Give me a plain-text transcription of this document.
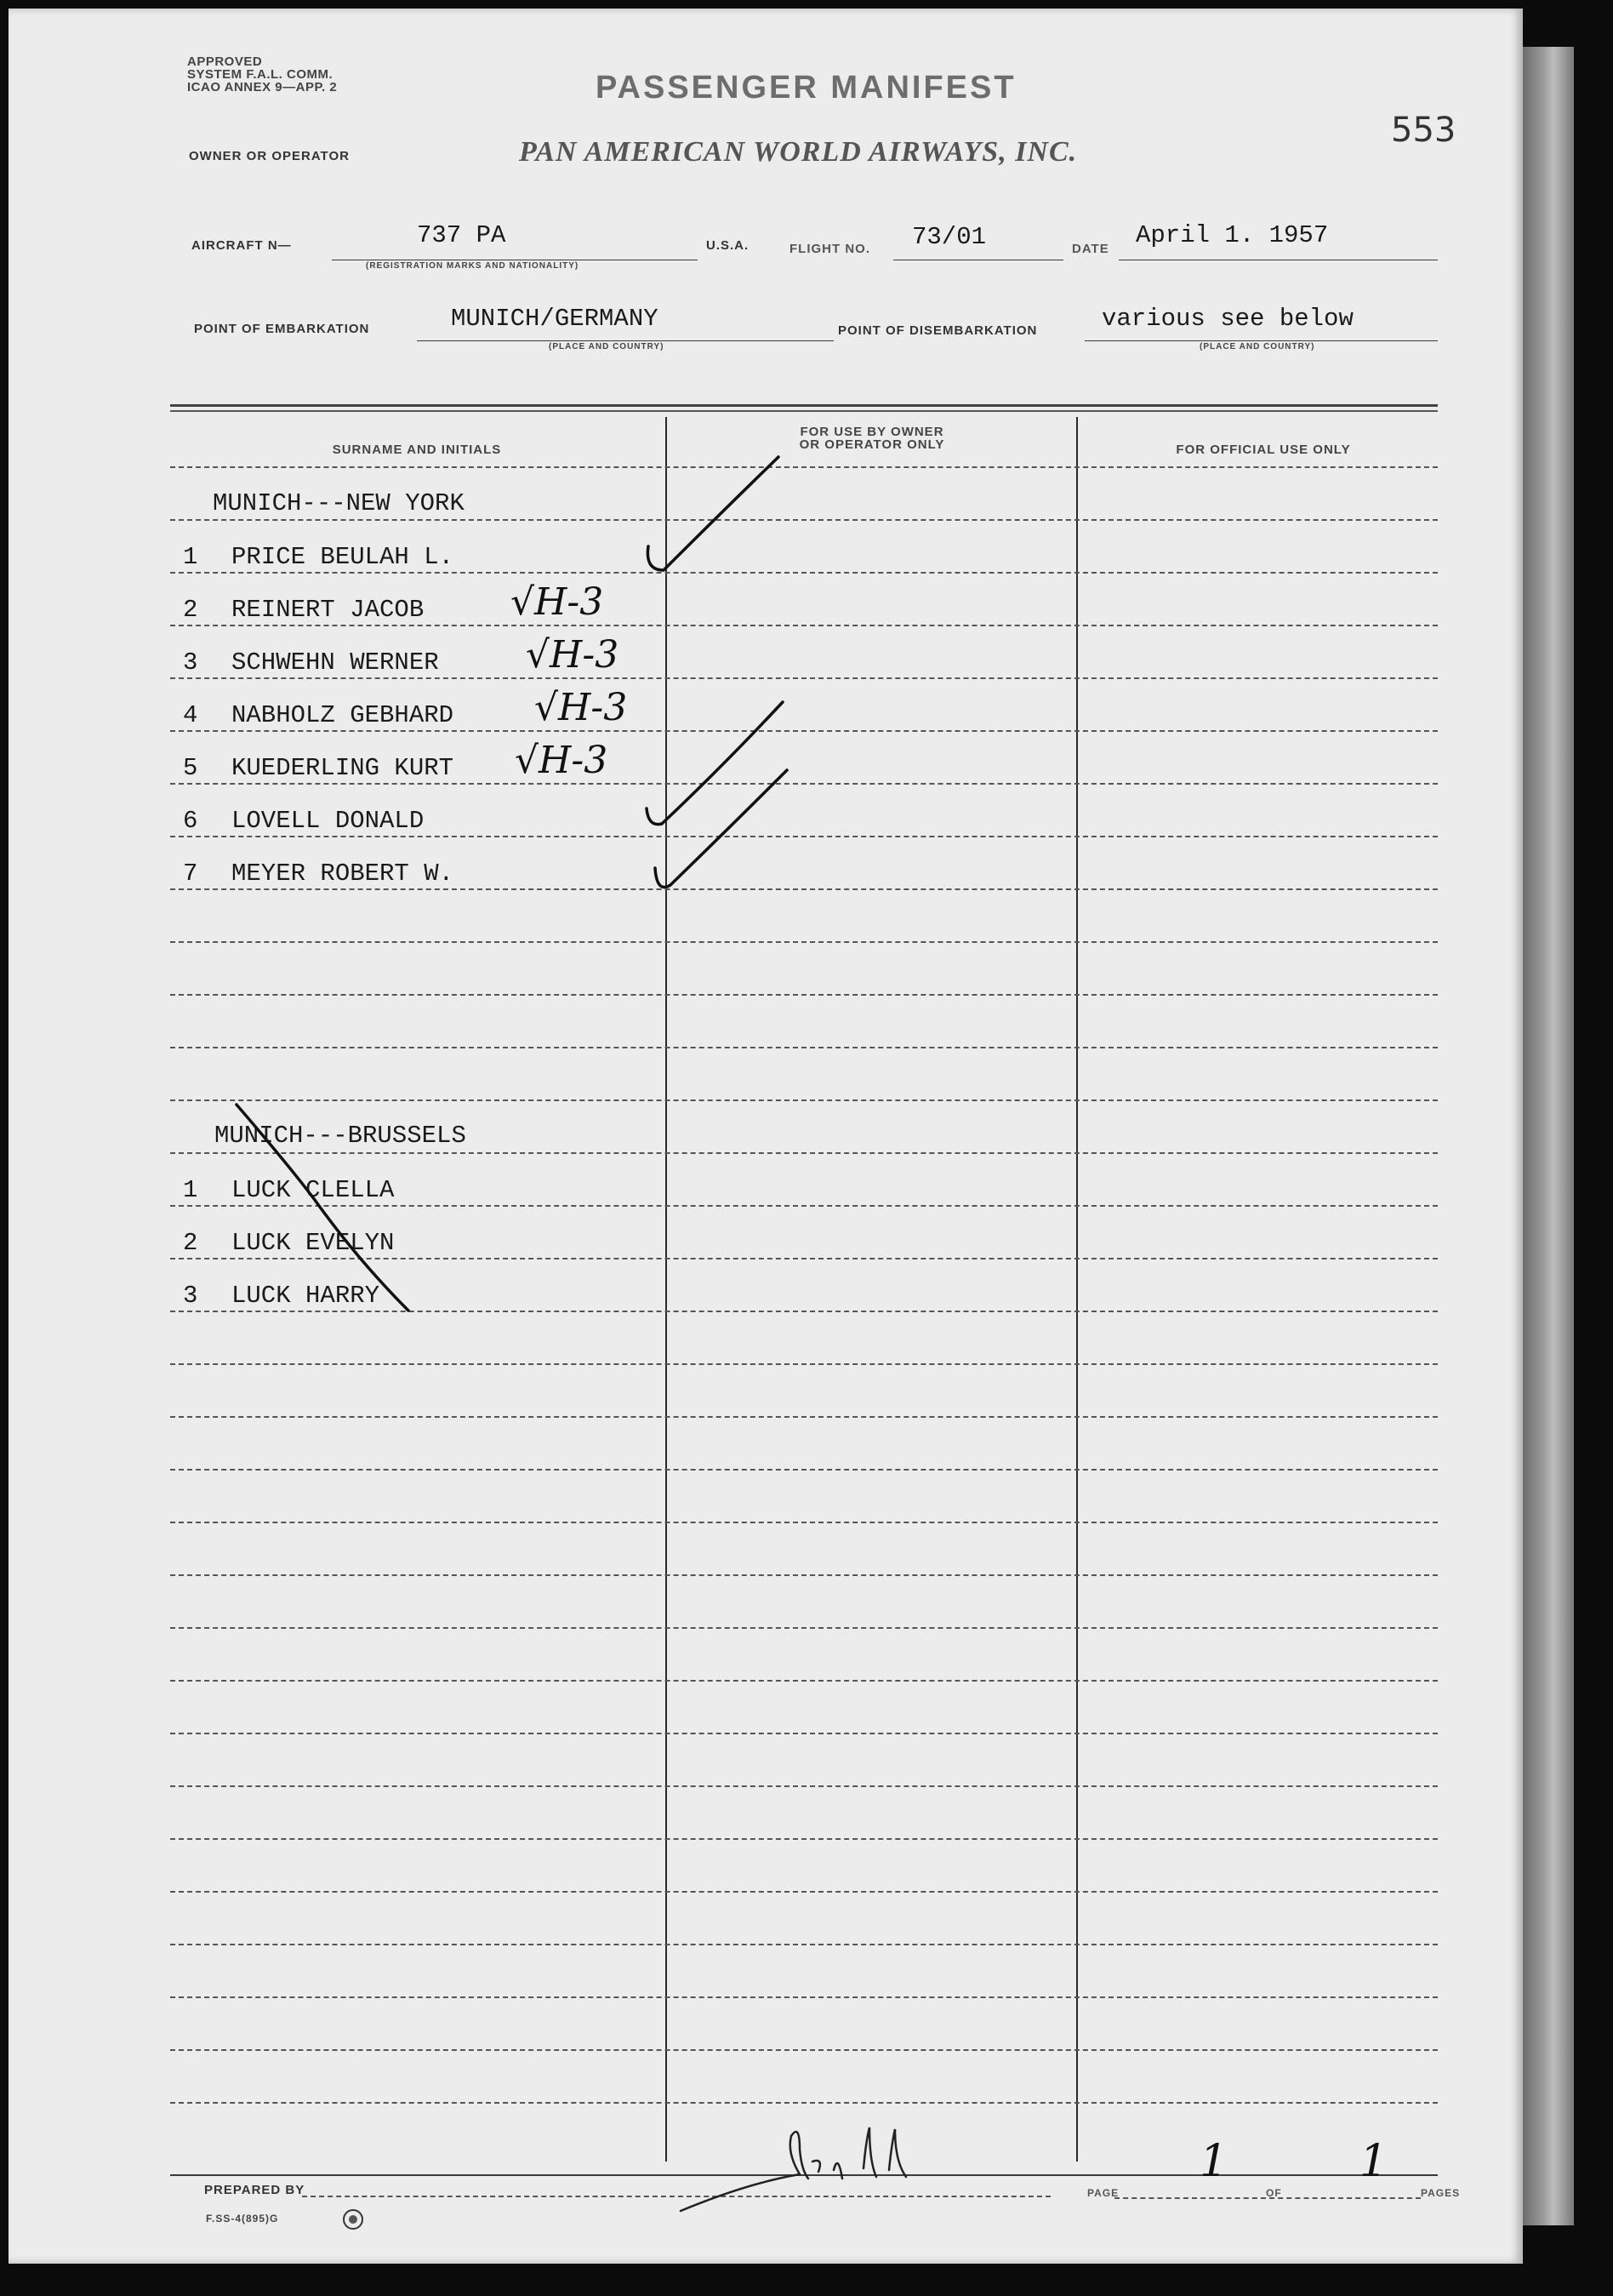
APPROVED
SYSTEM F.A.L. COMM.
ICAO ANNEX 9—APP. 2	PASSENGER MANIFEST
553
OWNER OR OPERATOR	PAN AMERICAN WORLD AIRWAYS, INC.
AIRCRAFT N—	737 PA
(REGISTRATION MARKS AND NATIONALITY)
U.S.A.	FLIGHT NO. 73/01	DATE April 1. 1957
POINT OF EMBARKATION	MUNICH/GERMANY
(PLACE AND COUNTRY)
POINT OF DISEMBARKATION	various see below
(PLACE AND COUNTRY)
SURNAME AND INITIALS
FOR USE BY OWNER
OR OPERATOR ONLY	FOR OFFICIAL USE ONLY
MUNICH---NEW YORK
1 PRICE BEULAH L.
2 REINERT JACOB √H-3
3 SCHWEHN WERNER √H-3
4 NABHOLZ GEBHARD √H-3
5 KUEDERLING KURT √H-3
6 LOVELL DONALD
7 MEYER ROBERT W.
MUNICH---BRUSSELS
1 LUCK CLELLA
2 LUCK EVELYN
3 LUCK HARRY
PREPARED BY
F.SS-4(895)G
PAGE
1
OF
1
PAGES
